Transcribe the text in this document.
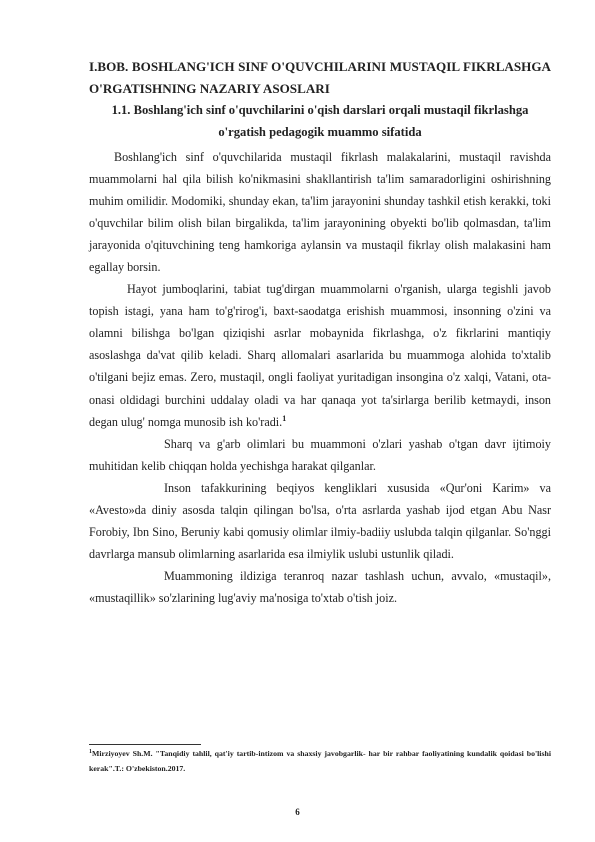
I.BOB. BOSHLANG'ICH SINF O'QUVCHILARINI MUSTAQIL FIKRLASHGA O'RGATISHNING NAZARIY ASOSLARI
1.1. Boshlang'ich sinf o'quvchilarini o'qish darslari orqali mustaqil fikrlashga o'rgatish pedagogik muammo sifatida

Boshlang'ich sinf o'quvchilarida mustaqil fikrlash malakalarini, mustaqil ravishda muammolarni hal qila bilish ko'nikmasini shakllantirish ta'lim samaradorligini oshirishning muhim omilidir. Modomiki, shunday ekan, ta'lim jarayonini shunday tashkil etish kerakki, toki o'quvchilar bilim olish bilan birgalikda, ta'lim jarayonining obyekti bo'lib qolmasdan, ta'lim jarayonida o'qituvchining teng hamkoriga aylansin va mustaqil fikrlay olish malakasini ham egallay borsin.

Hayot jumboqlarini, tabiat tug'dirgan muammolarni o'rganish, ularga tegishli javob topish istagi, yana ham to'g'rirog'i, baxt-saodatga erishish muammosi, insonning o'zini va olamni bilishga bo'lgan qiziqishi asrlar mobaynida fikrlashga, o'z fikrlarini mantiqiy asoslashga da'vat qilib keladi. Sharq allomalari asarlarida bu muammoga alohida to'xtalib o'tilgani bejiz emas. Zero, mustaqil, ongli faoliyat yuritadigan insongina o'z xalqi, Vatani, ota-onasi oldidagi burchini uddalay oladi va har qanaqa yot ta'sirlarga berilib ketmaydi, inson degan ulug' nomga munosib ish ko'radi.$^1$

Sharq va g'arb olimlari bu muammoni o'zlari yashab o'tgan davr ijtimoiy muhitidan kelib chiqqan holda yechishga harakat qilganlar.

Inson tafakkurining beqiyos kengliklari xususida «Qur'oni Karim» va «Avesto»da diniy asosda talqin qilingan bo'lsa, o'rta asrlarda yashab ijod etgan Abu Nasr Forobiy, Ibn Sino, Beruniy kabi qomusiy olimlar ilmiy-badiiy uslubda talqin qilganlar. So'nggi davrlarga mansub olimlarning asarlarida esa ilmiylik uslubi ustunlik qiladi.

Muammoning ildiziga teranroq nazar tashlash uchun, avvalo, «mustaqil», «mustaqillik» so'zlarining lug'aviy ma'nosiga to'xtab o'tish joiz.

$^1$Mirziyoyev Sh.M. "Tanqidiy tahlil, qat'iy tartib-intizom va shaxsiy javobgarlik- har bir rahbar faoliyatining kundalik qoidasi bo'lishi kerak".T.: O'zbekiston.2017.

6
